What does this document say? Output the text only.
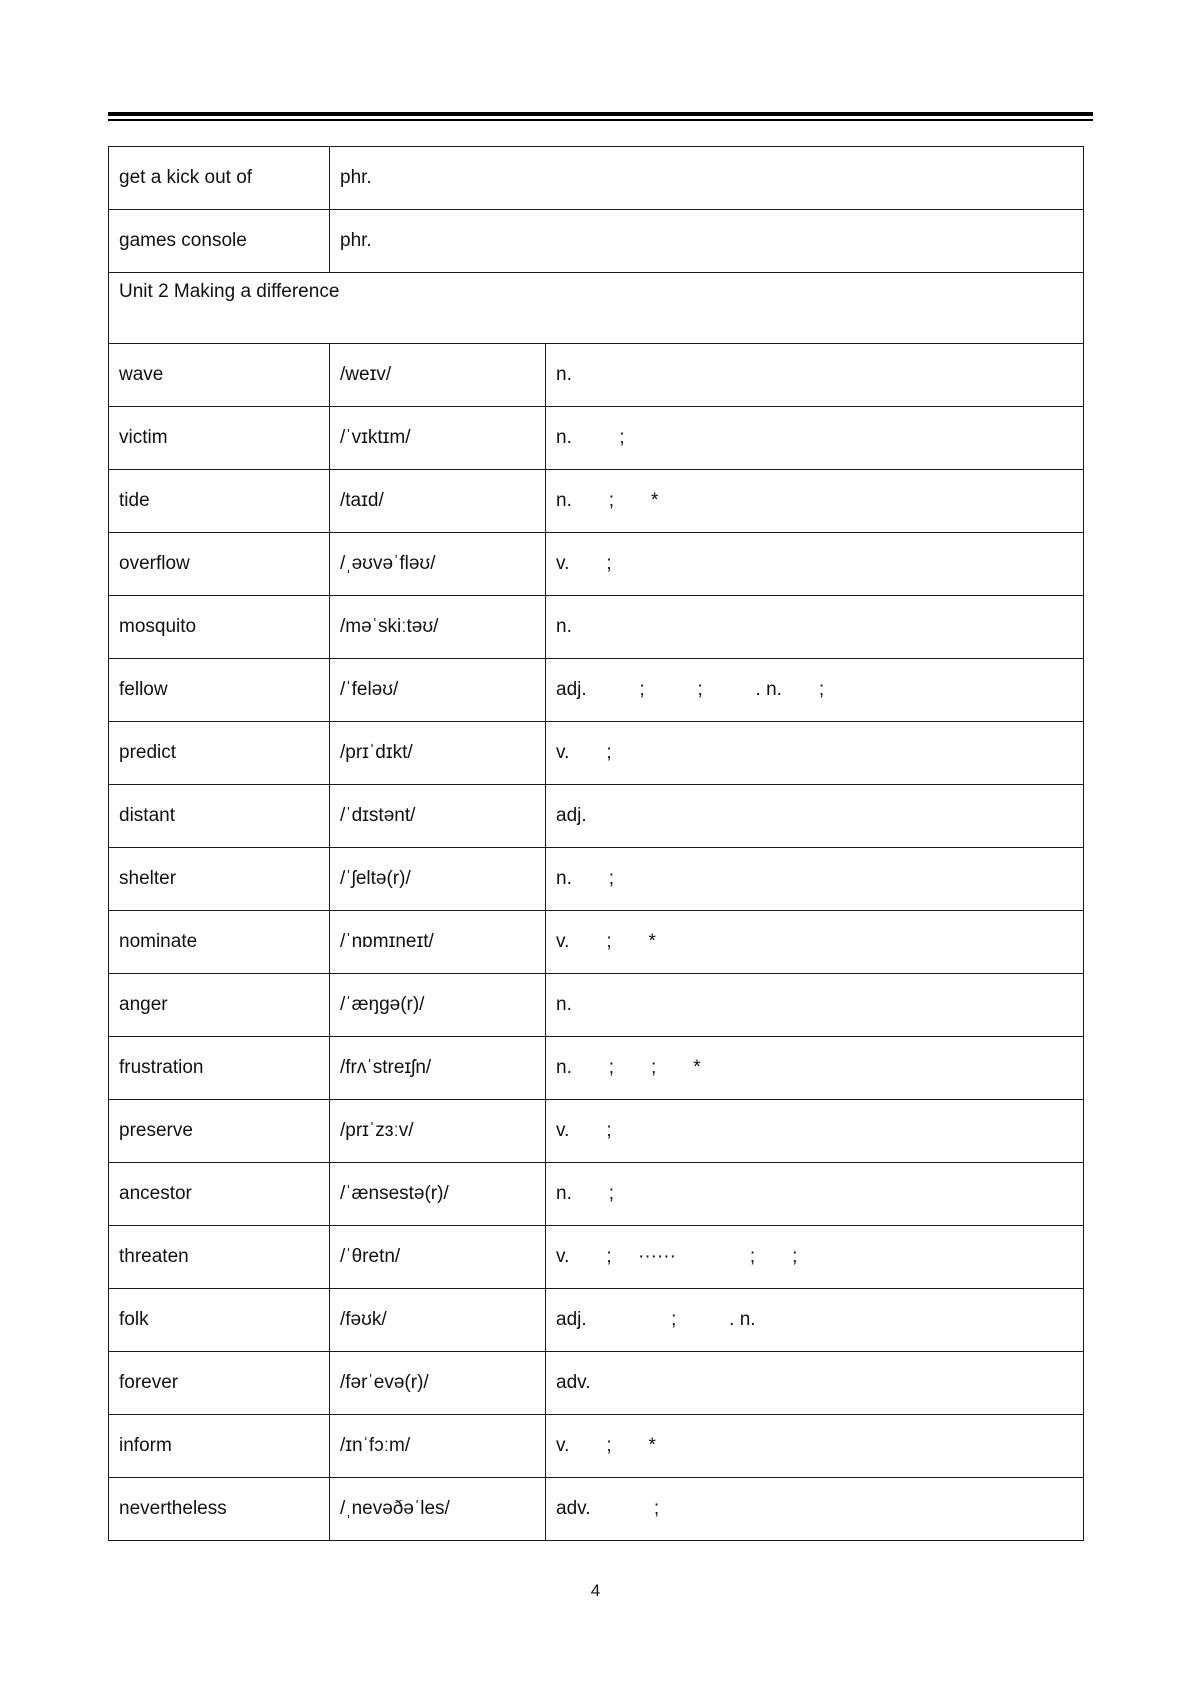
get a kick out of	phr.	
games console	phr.	
Unit 2 Making a difference		
wave	/weɪv/	n.
victim	/ˈvɪktɪm/	n.         ;
tide	/taɪd/	n.       ;       *
overflow	/ˌəʊvəˈfləʊ/	v.       ;
mosquito	/məˈskiːtəʊ/	n.
fellow	/ˈfeləʊ/	adj.          ;          ;          . n.       ;
predict	/prɪˈdɪkt/	v.       ;
distant	/ˈdɪstənt/	adj.
shelter	/ˈʃeltə(r)/	n.       ;
nominate	/ˈnɒmɪneɪt/	v.       ;       *
anger	/ˈæŋɡə(r)/	n.
frustration	/frʌˈstreɪʃn/	n.       ;       ;       *
preserve	/prɪˈzɜːv/	v.       ;
ancestor	/ˈænsestə(r)/	n.       ;
threaten	/ˈθretn/	v.       ;     ······              ;       ;
folk	/fəʊk/	adj.                ;          . n.
forever	/fərˈevə(r)/	adv.
inform	/ɪnˈfɔːm/	v.       ;       *
nevertheless	/ˌnevəðəˈles/	adv.            ;
4
